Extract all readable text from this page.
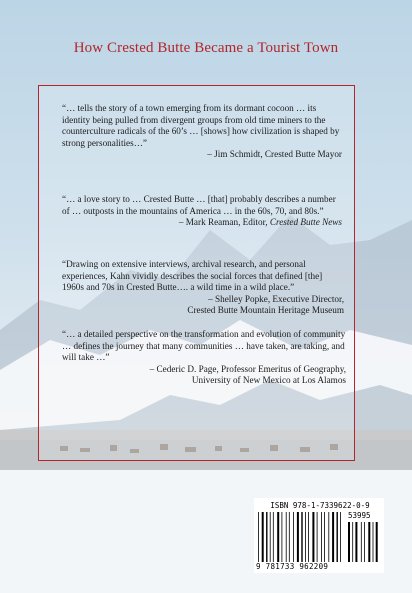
How Crested Butte Became a Tourist Town

“… tells the story of a town emerging from its dormant cocoon … its identity being pulled from divergent groups from old time miners to the counterculture radicals of the 60’s … [shows] how civilization is shaped by strong personalities…”

– Jim Schmidt, Crested Butte Mayor

“… a love story to … Crested Butte … [that] probably describes a number of … outposts in the mountains of America … in the 60s, 70, and 80s.”

– Mark Reaman, Editor, Crested Butte News

“Drawing on extensive interviews, archival research, and personal experiences, Kahn vividly describes the social forces that defined [the] 1960s and 70s in Crested Butte…. a wild time in a wild place.”

– Shelley Popke, Executive Director,

Crested Butte Mountain Heritage Museum

“… a detailed perspective on the transformation and evolution of community … defines the journey that many communities … have taken, are taking, and will take …”

– Cederic D. Page, Professor Emeritus of Geography,

University of New Mexico at Los Alamos

ISBN 978-1-7339622-0-9
9 781733 962209
53995
